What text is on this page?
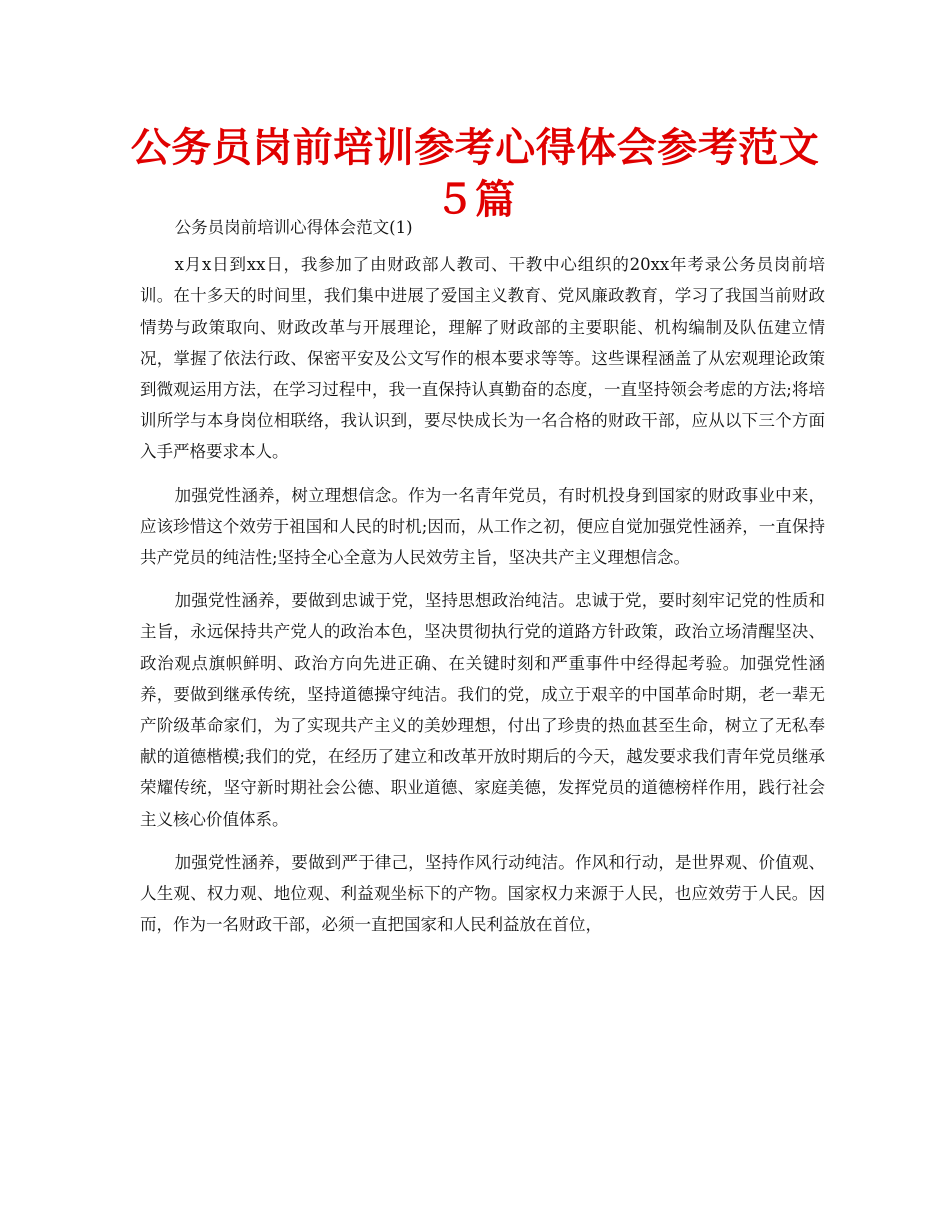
公务员岗前培训参考心得体会参考范文５篇

公务员岗前培训心得体会范文(1)

x月x日到xx日，我参加了由财政部人教司、干教中心组织的20xx年考录公务员岗前培训。在十多天的时间里，我们集中进展了爱国主义教育、党风廉政教育，学习了我国当前财政情势与政策取向、财政改革与开展理论，理解了财政部的主要职能、机构编制及队伍建立情况，掌握了依法行政、保密平安及公文写作的根本要求等等。这些课程涵盖了从宏观理论政策到微观运用方法，在学习过程中，我一直保持认真勤奋的态度，一直坚持领会考虑的方法;将培训所学与本身岗位相联络，我认识到，要尽快成长为一名合格的财政干部，应从以下三个方面入手严格要求本人。

加强党性涵养，树立理想信念。作为一名青年党员，有时机投身到国家的财政事业中来，应该珍惜这个效劳于祖国和人民的时机;因而，从工作之初，便应自觉加强党性涵养，一直保持共产党员的纯洁性;坚持全心全意为人民效劳主旨，坚决共产主义理想信念。

加强党性涵养，要做到忠诚于党，坚持思想政治纯洁。忠诚于党，要时刻牢记党的性质和主旨，永远保持共产党人的政治本色，坚决贯彻执行党的道路方针政策，政治立场清醒坚决、政治观点旗帜鲜明、政治方向先进正确、在关键时刻和严重事件中经得起考验。加强党性涵养，要做到继承传统，坚持道德操守纯洁。我们的党，成立于艰辛的中国革命时期，老一辈无产阶级革命家们，为了实现共产主义的美妙理想，付出了珍贵的热血甚至生命，树立了无私奉献的道德楷模;我们的党，在经历了建立和改革开放时期后的今天，越发要求我们青年党员继承荣耀传统，坚守新时期社会公德、职业道德、家庭美德，发挥党员的道德榜样作用，践行社会主义核心价值体系。

加强党性涵养，要做到严于律己，坚持作风行动纯洁。作风和行动，是世界观、价值观、人生观、权力观、地位观、利益观坐标下的产物。国家权力来源于人民，也应效劳于人民。因而，作为一名财政干部，必须一直把国家和人民利益放在首位，
